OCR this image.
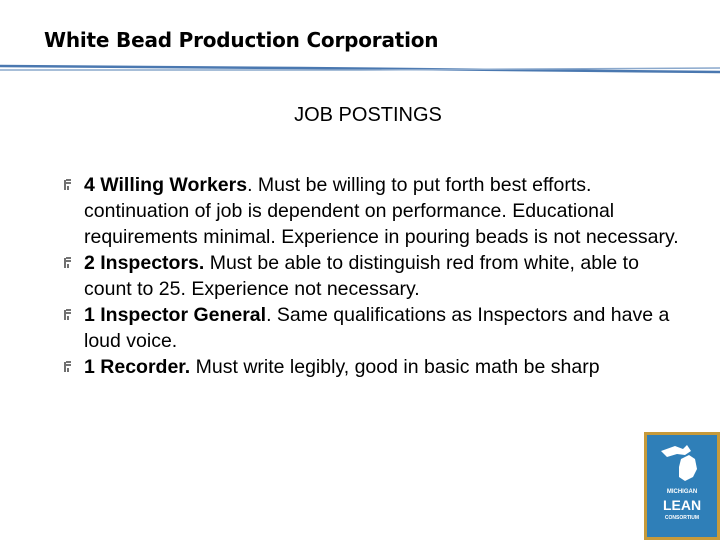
White Bead Production Corporation
JOB POSTINGS
4 Willing Workers. Must be willing to put forth best efforts. continuation of job is dependent on performance. Educational requirements minimal. Experience in pouring beads is not necessary.
2 Inspectors. Must be able to distinguish red from white, able to count to 25. Experience not necessary.
1 Inspector General. Same qualifications as Inspectors and have a loud voice.
1 Recorder. Must write legibly, good in basic math be sharp
MICHIGAN
LEAN
CONSORTIUM
